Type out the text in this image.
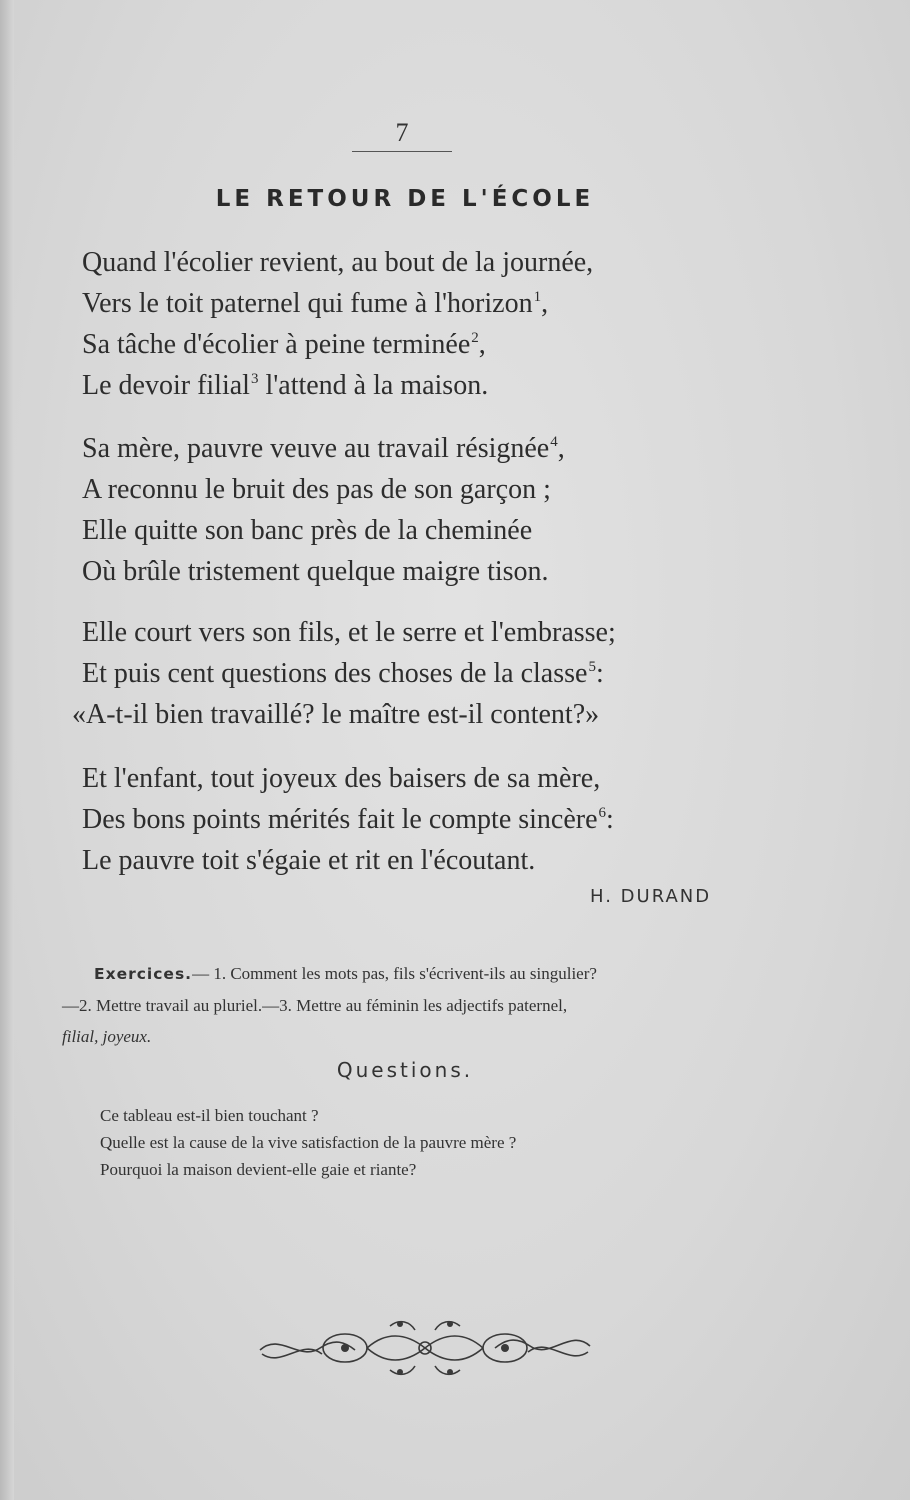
7
LE RETOUR DE L'ÉCOLE
Quand l'écolier revient, au bout de la journée,
Vers le toit paternel qui fume à l'horizon$^1$,
Sa tâche d'écolier à peine terminée$^2$,
Le devoir filial$^3$ l'attend à la maison.
Sa mère, pauvre veuve au travail résignée$^4$,
A reconnu le bruit des pas de son garçon ;
Elle quitte son banc près de la cheminée
Où brûle tristement quelque maigre tison.
Elle court vers son fils, et le serre et l'embrasse;
Et puis cent questions des choses de la classe$^5$:
«A-t-il bien travaillé? le maître est-il content?»
Et l'enfant, tout joyeux des baisers de sa mère,
Des bons points mérités fait le compte sincère$^6$:
Le pauvre toit s'égaie et rit en l'écoutant.
H. DURAND
Exercices.— 1. Comment les mots pas, fils s'écrivent-ils au singulier?
—2. Mettre travail au pluriel.—3. Mettre au féminin les adjectifs paternel,
filial, joyeux.
Questions.
Ce tableau est-il bien touchant ?
Quelle est la cause de la vive satisfaction de la pauvre mère ?
Pourquoi la maison devient-elle gaie et riante?
